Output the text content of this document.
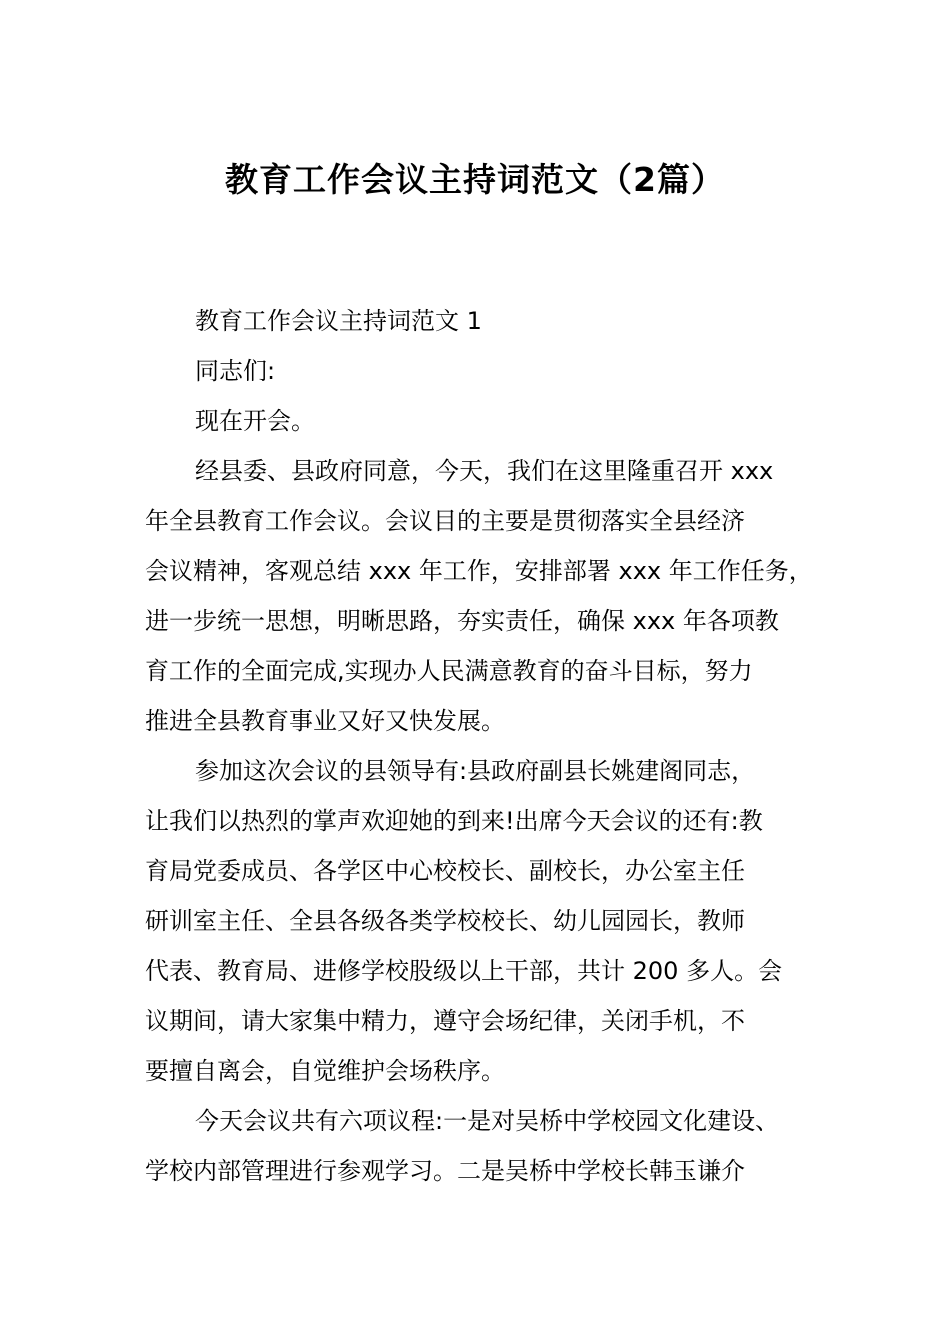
教育工作会议主持词范文（2篇）

教育工作会议主持词范文 1

同志们:

现在开会。

经县委、县政府同意，今天，我们在这里隆重召开 xxx
年全县教育工作会议。会议目的主要是贯彻落实全县经济
会议精神，客观总结 xxx 年工作，安排部署 xxx 年工作任务，
进一步统一思想，明晰思路，夯实责任，确保 xxx 年各项教
育工作的全面完成,实现办人民满意教育的奋斗目标，努力
推进全县教育事业又好又快发展。

参加这次会议的县领导有:县政府副县长姚建阁同志，
让我们以热烈的掌声欢迎她的到来!出席今天会议的还有:教
育局党委成员、各学区中心校校长、副校长，办公室主任
研训室主任、全县各级各类学校校长、幼儿园园长，教师
代表、教育局、进修学校股级以上干部，共计 200 多人。会
议期间，请大家集中精力，遵守会场纪律，关闭手机，不
要擅自离会，自觉维护会场秩序。

今天会议共有六项议程:一是对吴桥中学校园文化建设、
学校内部管理进行参观学习。二是吴桥中学校长韩玉谦介
